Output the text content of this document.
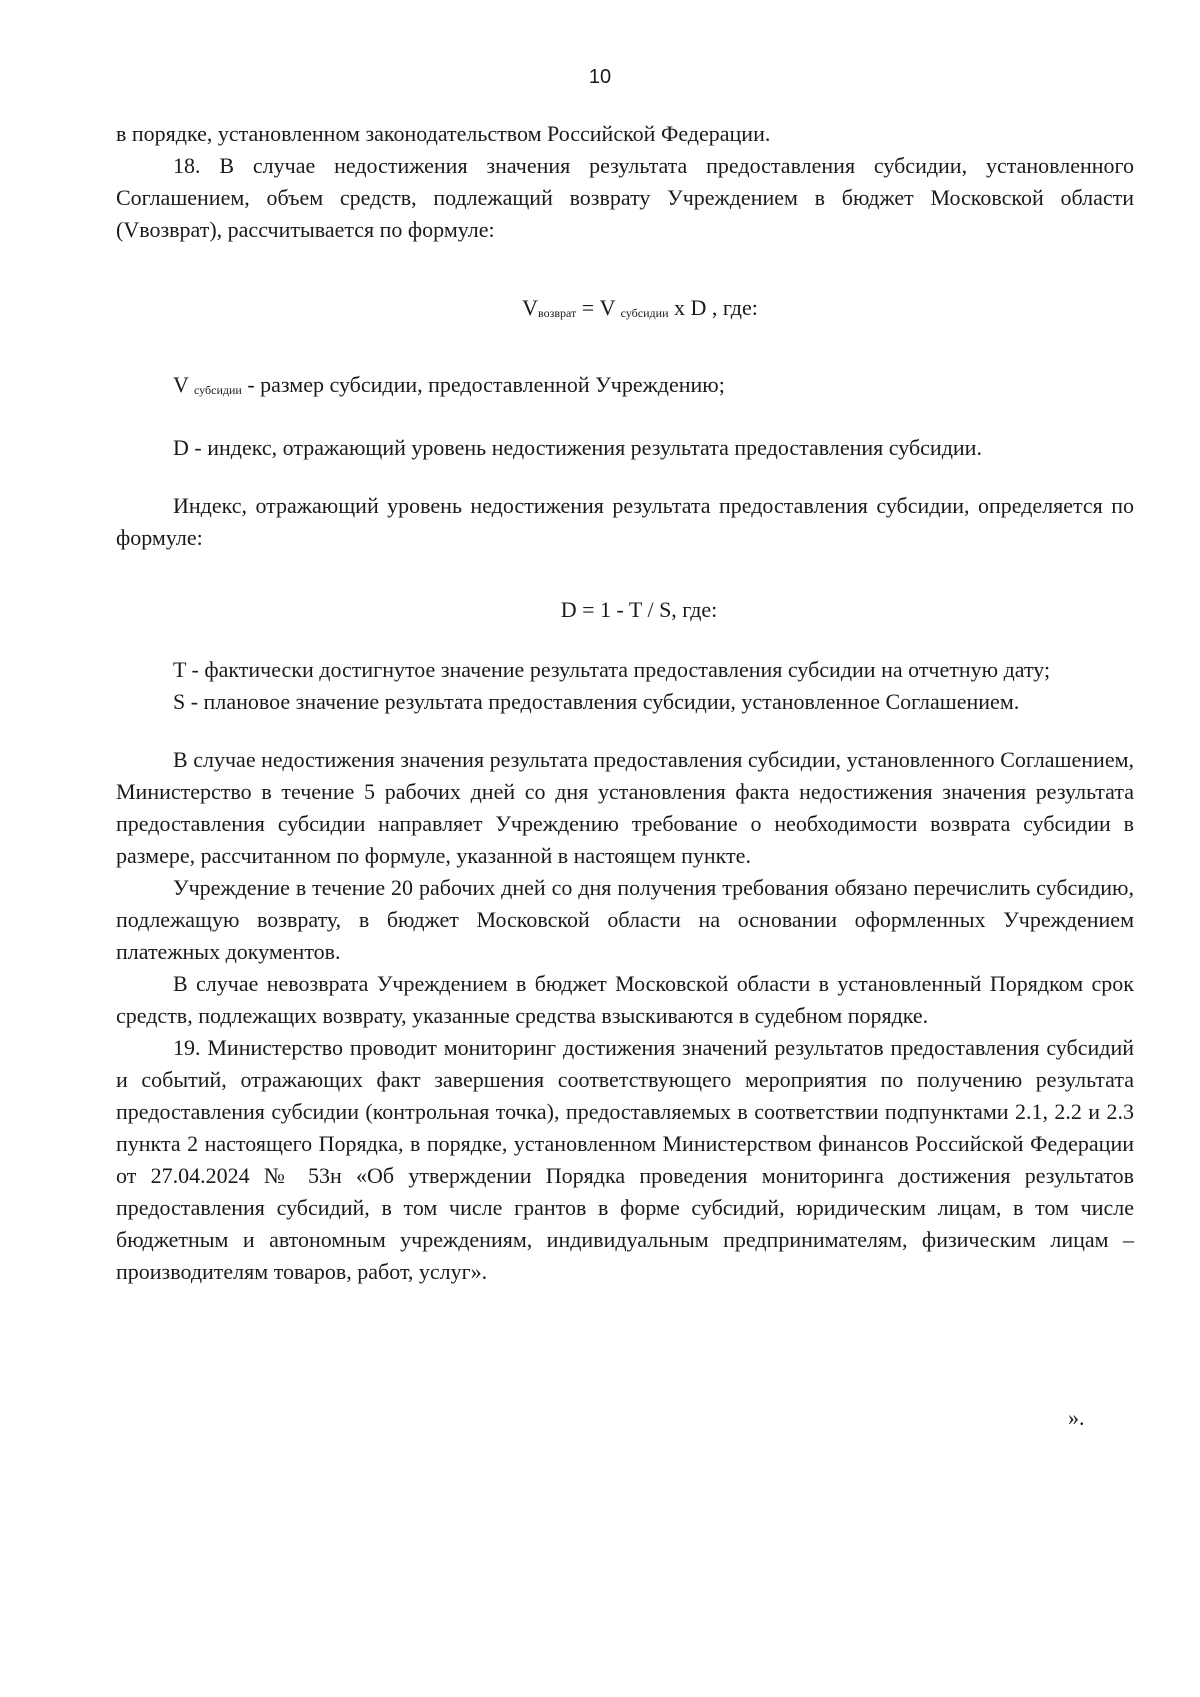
10

в порядке, установленном законодательством Российской Федерации.

18. В случае недостижения значения результата предоставления субсидии, установленного Соглашением, объем средств, подлежащий возврату Учреждением в бюджет Московской области (Vвозврат), рассчитывается по формуле:

Vвозврат = V субсидии x D , где:

V субсидии - размер субсидии, предоставленной Учреждению;

D - индекс, отражающий уровень недостижения результата предоставления субсидии.

Индекс, отражающий уровень недостижения результата предоставления субсидии, определяется по формуле:

D = 1 - T / S, где:

T - фактически достигнутое значение результата предоставления субсидии на отчетную дату;

S - плановое значение результата предоставления субсидии, установленное Соглашением.

В случае недостижения значения результата предоставления субсидии, установленного Соглашением, Министерство в течение 5 рабочих дней со дня установления факта недостижения значения результата предоставления субсидии направляет Учреждению требование о необходимости возврата субсидии в размере, рассчитанном по формуле, указанной в настоящем пункте.

Учреждение в течение 20 рабочих дней со дня получения требования обязано перечислить субсидию, подлежащую возврату, в бюджет Московской области на основании оформленных Учреждением платежных документов.

В случае невозврата Учреждением в бюджет Московской области в установленный Порядком срок средств, подлежащих возврату, указанные средства взыскиваются в судебном порядке.

19. Министерство проводит мониторинг достижения значений результатов предоставления субсидий и событий, отражающих факт завершения соответствующего мероприятия по получению результата предоставления субсидии (контрольная точка), предоставляемых в соответствии подпунктами 2.1, 2.2 и 2.3 пункта 2 настоящего Порядка, в порядке, установленном Министерством финансов Российской Федерации от 27.04.2024 № 53н «Об утверждении Порядка проведения мониторинга достижения результатов предоставления субсидий, в том числе грантов в форме субсидий, юридическим лицам, в том числе бюджетным и автономным учреждениям, индивидуальным предпринимателям, физическим лицам – производителям товаров, работ, услуг».

».
